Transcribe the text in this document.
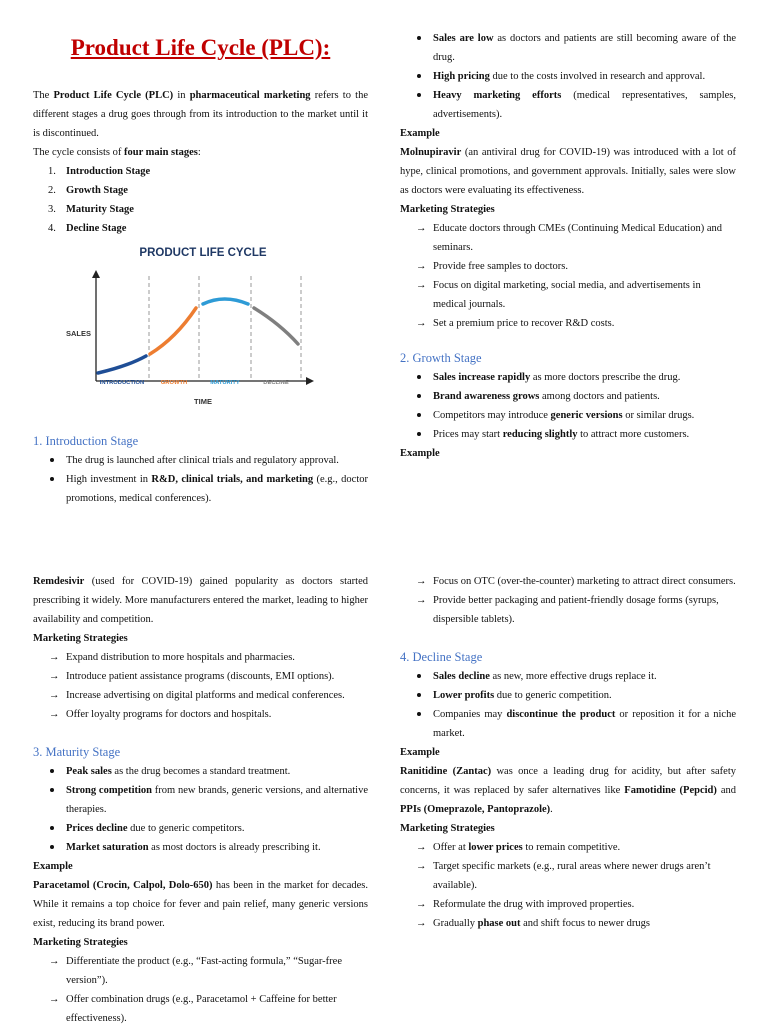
Product Life Cycle (PLC):

The Product Life Cycle (PLC) in pharmaceutical marketing refers to the different stages a drug goes through from its introduction to the market until it is discontinued.

The cycle consists of four main stages:

1. Introduction Stage
2. Growth Stage
3. Maturity Stage
4. Decline Stage
PRODUCT LIFE CYCLE
SALES
INTRODUCTION	GROWTH	MATURITY	DECLINE
TIME
1. Introduction Stage
The drug is launched after clinical trials and regulatory approval.
High investment in R&D, clinical trials, and marketing (e.g., doctor promotions, medical conferences).
Sales are low as doctors and patients are still becoming aware of the drug.
High pricing due to the costs involved in research and approval.
Heavy marketing efforts (medical representatives, samples, advertisements).

Example

Molnupiravir (an antiviral drug for COVID-19) was introduced with a lot of hype, clinical promotions, and government approvals. Initially, sales were slow as doctors were evaluating its effectiveness.

Marketing Strategies

→ Educate doctors through CMEs (Continuing Medical Education) and seminars.
→ Provide free samples to doctors.
→ Focus on digital marketing, social media, and advertisements in medical journals.
→ Set a premium price to recover R&D costs.
2. Growth Stage
Sales increase rapidly as more doctors prescribe the drug.
Brand awareness grows among doctors and patients.
Competitors may introduce generic versions or similar drugs.
Prices may start reducing slightly to attract more customers.

Example

Remdesivir (used for COVID-19) gained popularity as doctors started prescribing it widely. More manufacturers entered the market, leading to higher availability and competition.

Marketing Strategies

→ Expand distribution to more hospitals and pharmacies.
→ Introduce patient assistance programs (discounts, EMI options).
→ Increase advertising on digital platforms and medical conferences.
→ Offer loyalty programs for doctors and hospitals.
3. Maturity Stage
Peak sales as the drug becomes a standard treatment.
Strong competition from new brands, generic versions, and alternative therapies.
Prices decline due to generic competitors.
Market saturation as most doctors is already prescribing it.

Example

Paracetamol (Crocin, Calpol, Dolo-650) has been in the market for decades. While it remains a top choice for fever and pain relief, many generic versions exist, reducing its brand power.

Marketing Strategies

→ Differentiate the product (e.g., “Fast-acting formula,” “Sugar-free version”).
→ Offer combination drugs (e.g., Paracetamol + Caffeine for better effectiveness).
→ Focus on OTC (over-the-counter) marketing to attract direct consumers.
→ Provide better packaging and patient-friendly dosage forms (syrups, dispersible tablets).
4. Decline Stage
Sales decline as new, more effective drugs replace it.
Lower profits due to generic competition.
Companies may discontinue the product or reposition it for a niche market.

Example

Ranitidine (Zantac) was once a leading drug for acidity, but after safety concerns, it was replaced by safer alternatives like Famotidine (Pepcid) and PPIs (Omeprazole, Pantoprazole).

Marketing Strategies

→ Offer at lower prices to remain competitive.
→ Target specific markets (e.g., rural areas where newer drugs aren’t available).
→ Reformulate the drug with improved properties.
→ Gradually phase out and shift focus to newer drugs
